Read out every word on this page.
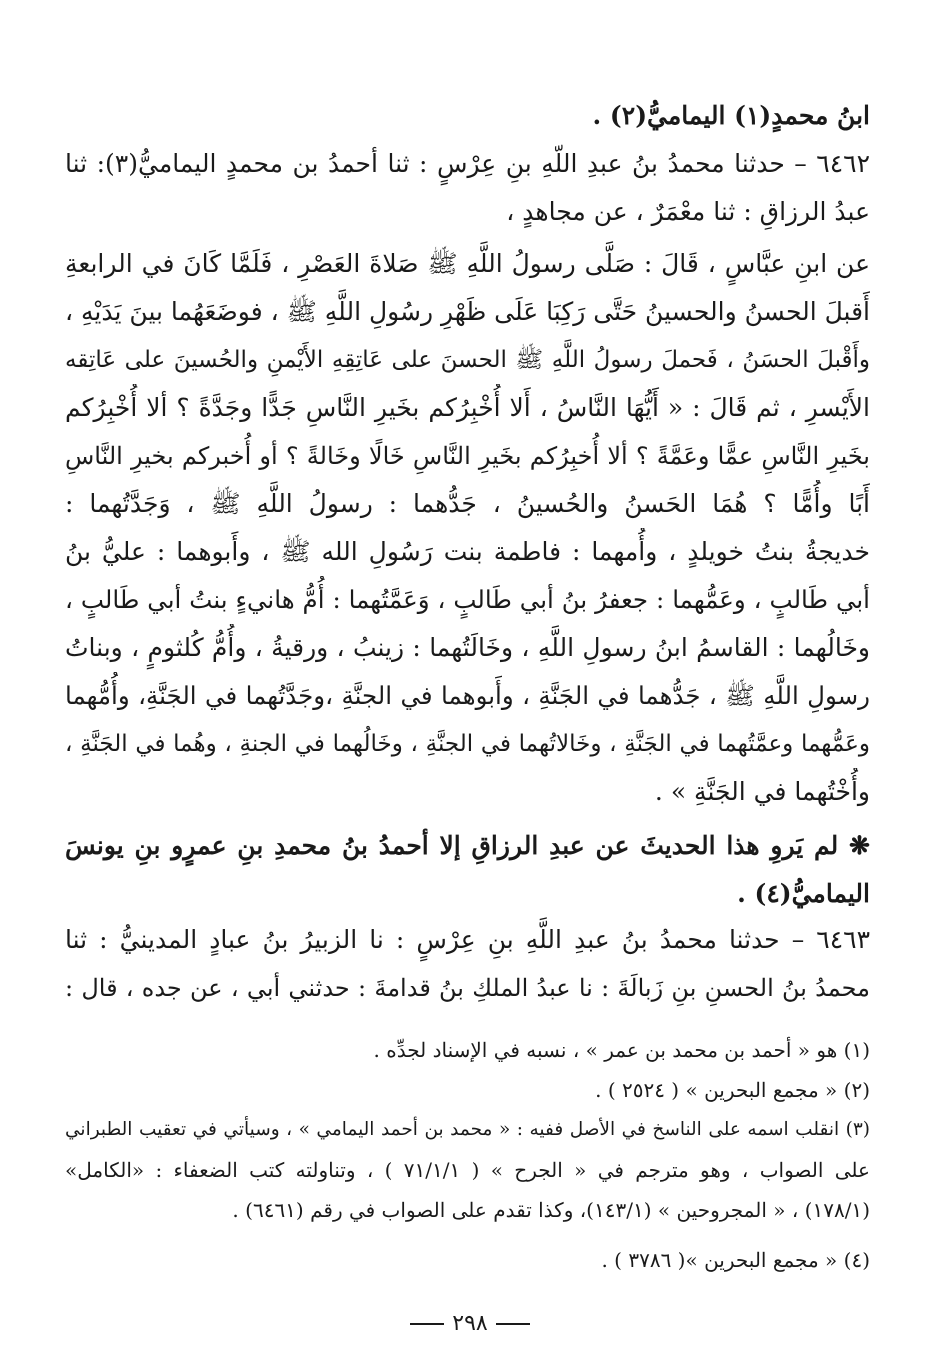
ابنُ محمدٍ(١) اليماميُّ(٢) .
٦٤٦٢ – حدثنا محمدُ بنُ عبدِ اللّهِ بنِ عِرْسٍ : ثنا أحمدُ بن محمدٍ اليماميُّ(٣): ثنا
عبدُ الرزاقِ : ثنا معْمَرٌ ، عن مجاهدٍ ،
عن ابنِ عبَّاسٍ ، قَالَ : صَلَّى رسولُ اللَّهِ ﷺ صَلاةَ العَصْرِ ، فَلَمَّا كَانَ في الرابعةِ
أَقبلَ الحسنُ والحسينُ حَتَّى رَكِبَا عَلَى ظَهْرِ رسُولِ اللَّهِ ﷺ ، فوضَعَهُما بينَ يَدَيْهِ ،
وأَقْبلَ الحسَنُ ، فَحملَ رسولُ اللَّهِ ﷺ الحسنَ على عَاتِقِهِ الأَيْمنِ والحُسينَ على عَاتِقه
الأَيْسرِ ، ثم قَالَ : « أَيُّهَا النَّاسُ ، أَلا أُخْبِرُكم بخَيرِ النَّاسِ جَدًّا وجَدَّةً ؟ ألا أُخْبِرُكم
بخَيرِ النَّاسِ عمًّا وعَمَّةً ؟ ألا أُخبِرُكم بخَيرِ النَّاسِ خَالًا وخَالةً ؟ أو أُخبركم بخيرِ النَّاسِ
أَبًا وأُمًّا ؟ هُمَا الحَسنُ والحُسينُ ، جَدُّهما : رسولُ اللَّهِ ﷺ ، وَجَدَّتُهما :
خديجةُ بنتُ خويلدٍ ، وأُمهما : فاطمة بنت رَسُولِ الله ﷺ ، وأَبوهما : عليُّ بنُ
أبي طَالبٍ ، وعَمُّهما : جعفرُ بنُ أبي طَالبٍ ، وَعَمَّتُهما : أُمُّ هانيءٍ بنتُ أبي طَالبٍ ،
وخَالُهما : القاسمُ ابنُ رسولِ اللَّهِ ، وخَالَتُهما : زينبُ ، ورقيةُ ، وأُمُّ كُلثومٍ ، وبناتُ
رسولِ اللَّهِ ﷺ ، جَدُّهما في الجَنَّةِ ، وأَبوهما في الجنَّةِ ،وجَدَّتُهما في الجَنَّةِ، وأُمُّهما
وعَمُّهما وعمَّتُهما في الجَنَّةِ ، وخَالاتُهما في الجنَّةِ ، وخَالُهما في الجنةِ ، وهُما في الجَنَّةِ ،
وأُخْتُهما في الجَنَّةِ » .
❋ لم يَروِ هذا الحديثَ عن عبدِ الرزاقِ إلا أحمدُ بنُ محمدِ بنِ عمرٍو بنِ يونسَ
اليماميُّ(٤) .
٦٤٦٣ – حدثنا محمدُ بنُ عبدِ اللَّهِ بنِ عِرْسٍ : نا الزبيرُ بنُ عبادٍ المدينيُّ : ثنا
محمدُ بنُ الحسنِ بنِ زَبالَةَ : نا عبدُ الملكِ بنُ قدامةَ : حدثني أبي ، عن جده ، قال :
(١) هو « أحمد بن محمد بن عمر » ، نسبه في الإسناد لجدِّه .
(٢) « مجمع البحرين » ( ٢٥٢٤ ) .
(٣) انقلب اسمه على الناسخ في الأصل ففيه : « محمد بن أحمد اليمامي » ، وسيأتي في تعقيب الطبراني
على الصواب ، وهو مترجم في « الجرح » ( ٧١/١/١ ) ، وتناولته كتب الضعفاء : «الكامل»
(١٧٨/١) ، « المجروحين » (١٤٣/١)، وكذا تقدم على الصواب في رقم (٦٤٦١) .
(٤) « مجمع البحرين »( ٣٧٨٦ ) .
٢٩٨
